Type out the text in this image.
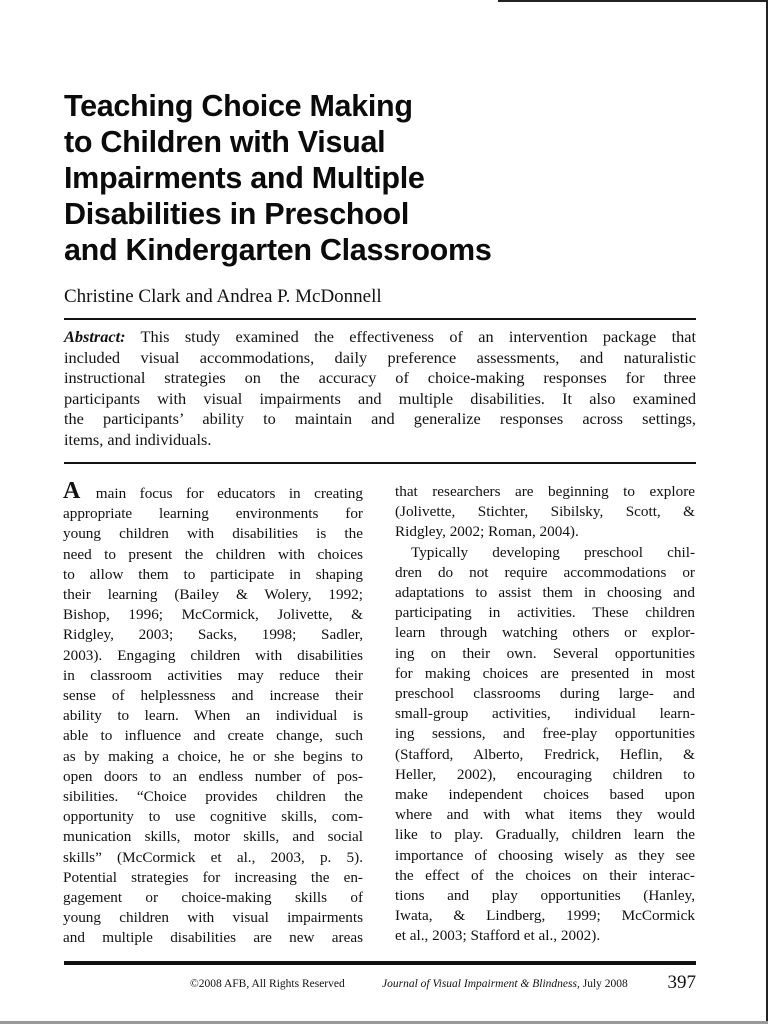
Teaching Choice Making
to Children with Visual
Impairments and Multiple
Disabilities in Preschool
and Kindergarten Classrooms

Christine Clark and Andrea P. McDonnell

Abstract: This study examined the effectiveness of an intervention package that
included visual accommodations, daily preference assessments, and naturalistic
instructional strategies on the accuracy of choice-making responses for three
participants with visual impairments and multiple disabilities. It also examined
the participants’ ability to maintain and generalize responses across settings,
items, and individuals.
A main focus for educators in creating
appropriate learning environments for
young children with disabilities is the
need to present the children with choices
to allow them to participate in shaping
their learning (Bailey & Wolery, 1992;
Bishop, 1996; McCormick, Jolivette, &
Ridgley, 2003; Sacks, 1998; Sadler,
2003). Engaging children with disabilities
in classroom activities may reduce their
sense of helplessness and increase their
ability to learn. When an individual is
able to influence and create change, such
as by making a choice, he or she begins to
open doors to an endless number of pos-
sibilities. “Choice provides children the
opportunity to use cognitive skills, com-
munication skills, motor skills, and social
skills” (McCormick et al., 2003, p. 5).
Potential strategies for increasing the en-
gagement or choice-making skills of
young children with visual impairments
and multiple disabilities are new areas
that researchers are beginning to explore
(Jolivette, Stichter, Sibilsky, Scott, &
Ridgley, 2002; Roman, 2004).
Typically developing preschool chil-
dren do not require accommodations or
adaptations to assist them in choosing and
participating in activities. These children
learn through watching others or explor-
ing on their own. Several opportunities
for making choices are presented in most
preschool classrooms during large- and
small-group activities, individual learn-
ing sessions, and free-play opportunities
(Stafford, Alberto, Fredrick, Heflin, &
Heller, 2002), encouraging children to
make independent choices based upon
where and with what items they would
like to play. Gradually, children learn the
importance of choosing wisely as they see
the effect of the choices on their interac-
tions and play opportunities (Hanley,
Iwata, & Lindberg, 1999; McCormick
et al., 2003; Stafford et al., 2002).
©2008 AFB, All Rights Reserved	Journal of Visual Impairment & Blindness, July 2008 397
